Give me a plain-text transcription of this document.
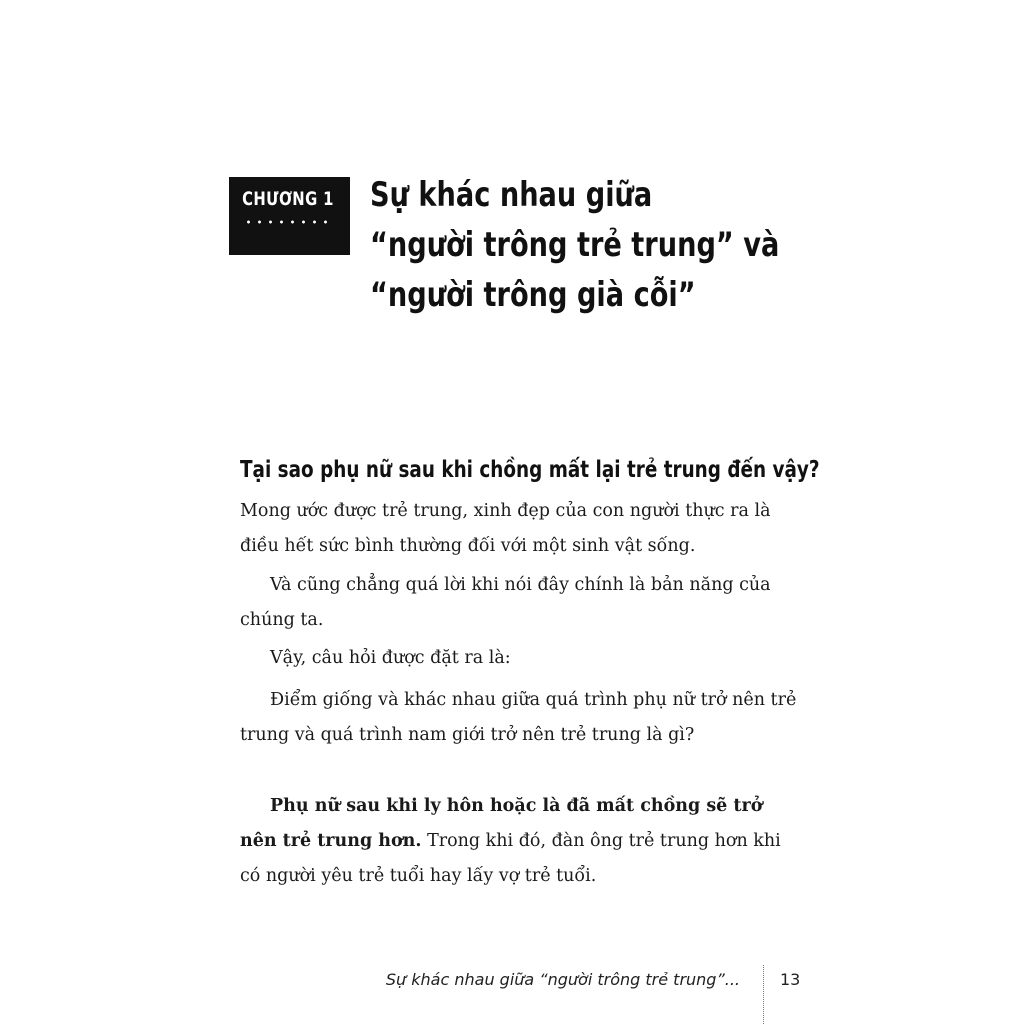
CHƯƠNG 1 Sự khác nhau giữa
“người trông trẻ trung” và
“người trông già cỗi”
Tại sao phụ nữ sau khi chồng mất lại trẻ trung đến vậy?

Mong ước được trẻ trung, xinh đẹp của con người thực ra là điều hết sức bình thường đối với một sinh vật sống.

Và cũng chẳng quá lời khi nói đây chính là bản năng của chúng ta.

Vậy, câu hỏi được đặt ra là:

Điểm giống và khác nhau giữa quá trình phụ nữ trở nên trẻ trung và quá trình nam giới trở nên trẻ trung là gì?

Phụ nữ sau khi ly hôn hoặc là đã mất chồng sẽ trở nên trẻ trung hơn. Trong khi đó, đàn ông trẻ trung hơn khi có người yêu trẻ tuổi hay lấy vợ trẻ tuổi.

Sự khác nhau giữa “người trông trẻ trung”...	13
